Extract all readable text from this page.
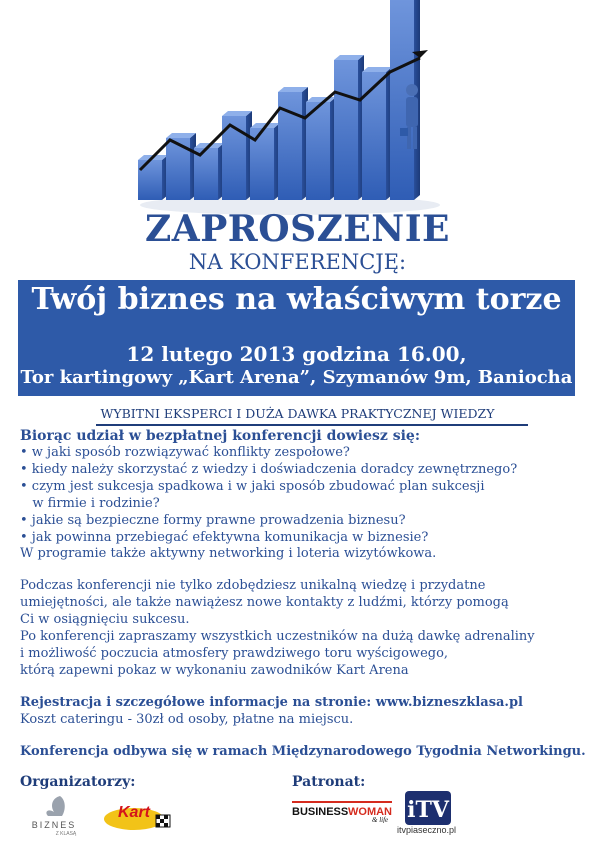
ZAPROSZENIE
NA KONFERENCJĘ:
Twój biznes na właściwym torze
12 lutego 2013 godzina 16.00,
Tor kartingowy „Kart Arena”, Szymanów 9m, Baniocha
WYBITNI EKSPERCI I DUŻA DAWKA PRAKTYCZNEJ WIEDZY
Biorąc udział w bezpłatnej konferencji dowiesz się:
• w jaki sposób rozwiązywać konflikty zespołowe?
• kiedy należy skorzystać z wiedzy i doświadczenia doradcy zewnętrznego?
• czym jest sukcesja spadkowa i w jaki sposób zbudować plan sukcesji
w firmie i rodzinie?
• jakie są bezpieczne formy prawne prowadzenia biznesu?
• jak powinna przebiegać efektywna komunikacja w biznesie?
W programie także aktywny networking i loteria wizytówkowa.
Podczas konferencji nie tylko zdobędziesz unikalną wiedzę i przydatne
umiejętności, ale także nawiążesz nowe kontakty z ludźmi, którzy pomogą
Ci w osiągnięciu sukcesu.
Po konferencji zapraszamy wszystkich uczestników na dużą dawkę adrenaliny
i możliwość poczucia atmosfery prawdziwego toru wyścigowego,
którą zapewni pokaz w wykonaniu zawodników Kart Arena
Rejestracja i szczegółowe informacje na stronie: www.bizneszklasa.pl
Koszt cateringu - 30zł od osoby, płatne na miejscu.
Konferencja odbywa się w ramach Międzynarodowego Tygodnia Networkingu.
Organizatorzy:	Patronat:
BIZNES
Z KLASĄ
Kart	BUSINESS WOMAN
& life iTV
itvpiaseczno.pl
